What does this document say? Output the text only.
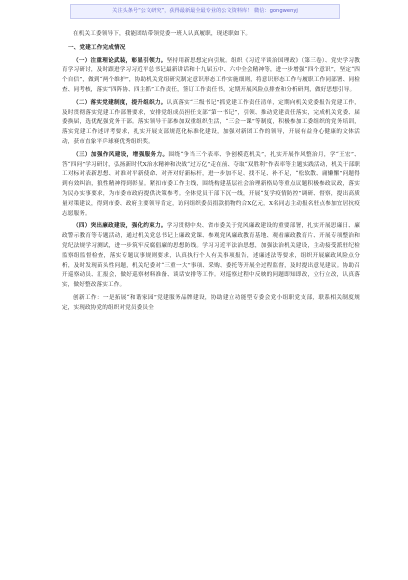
关注头条号“公文研究”，获得最新最全最专业的公文资料库！ 微信：gongwenyj

在机关工委领导下，我能团结带领党委一班人认真履职，现述职如下。

一、党建工作完成情况

（一）注重理论武装，彰显引领力。坚持用新思想定向引航。组织《习近平谈治国理政》（第三卷）、党史学习教育学习研讨，及时跟进学习习近平总书记最新讲话和十九届五中、六中全会精神等，进一步增强“四个意识”，坚定“四个自信”，做到“两个维护”，协助机关党组研究制定意识形态工作实施细则，将意识形态工作与履职工作同部署、同检查、同考核，落实“四阵协、四主抓”工作责任，签订工作责任书，定期开展风险点排查和分析研判，做好思想引导。

（二）落实党建制度，提升组织力。认真落实“三级书记”抓党建工作责任清单，定期向机关党委报告党建工作，及时贯彻落实党建工作部署要求，安排党组成员担任支部“第一书记”，引领、推动党建责任落实，完成机关党委、届委换届，选优配强党务干部。落实领导干部参加双重组织生活，“三会一课”等制度，积极参加工委组织的党务培训，落实党建工作述评考要求，扎实开展支部规范化标准化建设，加强对新团工作的领导，开展有益身心健康的文体活动，获市直象平乒球赛优秀组织奖。

（三）加强作风建设，增强服务力。围绕“争当三个表率、争创模范机关”，扎实开展作风整治月，学“王宏”、答“四问”学习研讨，弘扬新时代X治水精神和决战“过万亿”走在前、夺取“双胜利”作表率等主题实践活动，机关干部职工对标对表新思想、对准对平新使命、对齐对好新标杆，进一步加不足、找不足、补不足，“松软散、庸懒懈”问题得到有效纠治，狼性精神得到彰显。紧扣市委工作主线，围绕构建基层社会治理新格局等重点议题积极参政议政，落实为民办实事要求，为市委市政府提供决策参考。全体党员干部下沉一线，开展“复学疫情防控”调研、督察，提出高质量对策建议，得到市委、政府主要领导肯定，访问组织委员捐款捐物约合X亿元，X名同志主动报名驻点参加宜居抗疫志愿服务。

（四）突出廉政建设，强化约束力。学习贯彻中央、省市委关于党风廉政建设的重要部署，扎实开展思廉日、廉政警示教育等专题活动，通过机关党总书记上廉政党课、参观党风廉政教育基地、观看廉政教育片、开展专项整治和党纪法规学习测试，进一步筑牢反腐倡廉的思想防线。学习习近平法治思想，加强法治机关建设，主动接受派驻纪检监察组监督检查，落实专题议事规则要求，认真执行个人有关事项报告，述廉述法等要求，组织开展廉政风险点分析，及时发现苗头性问题，机关纪委对“三重一大”事项、采购、委托等开展全过程监督，及时提出意见建议。协助召开巡察动员、汇报会，做好巡察材料准备、谈话安排等工作。对巡察过程中反映的问题即知即改，立行立改，认真落实，做好整改落实工作。

创新工作：一是拓展“和谐家园”党建服务品牌建设，协助建立功能型专委会党小组职党支部，联系相关制度规定，实现政协党的组织对党员委员全
